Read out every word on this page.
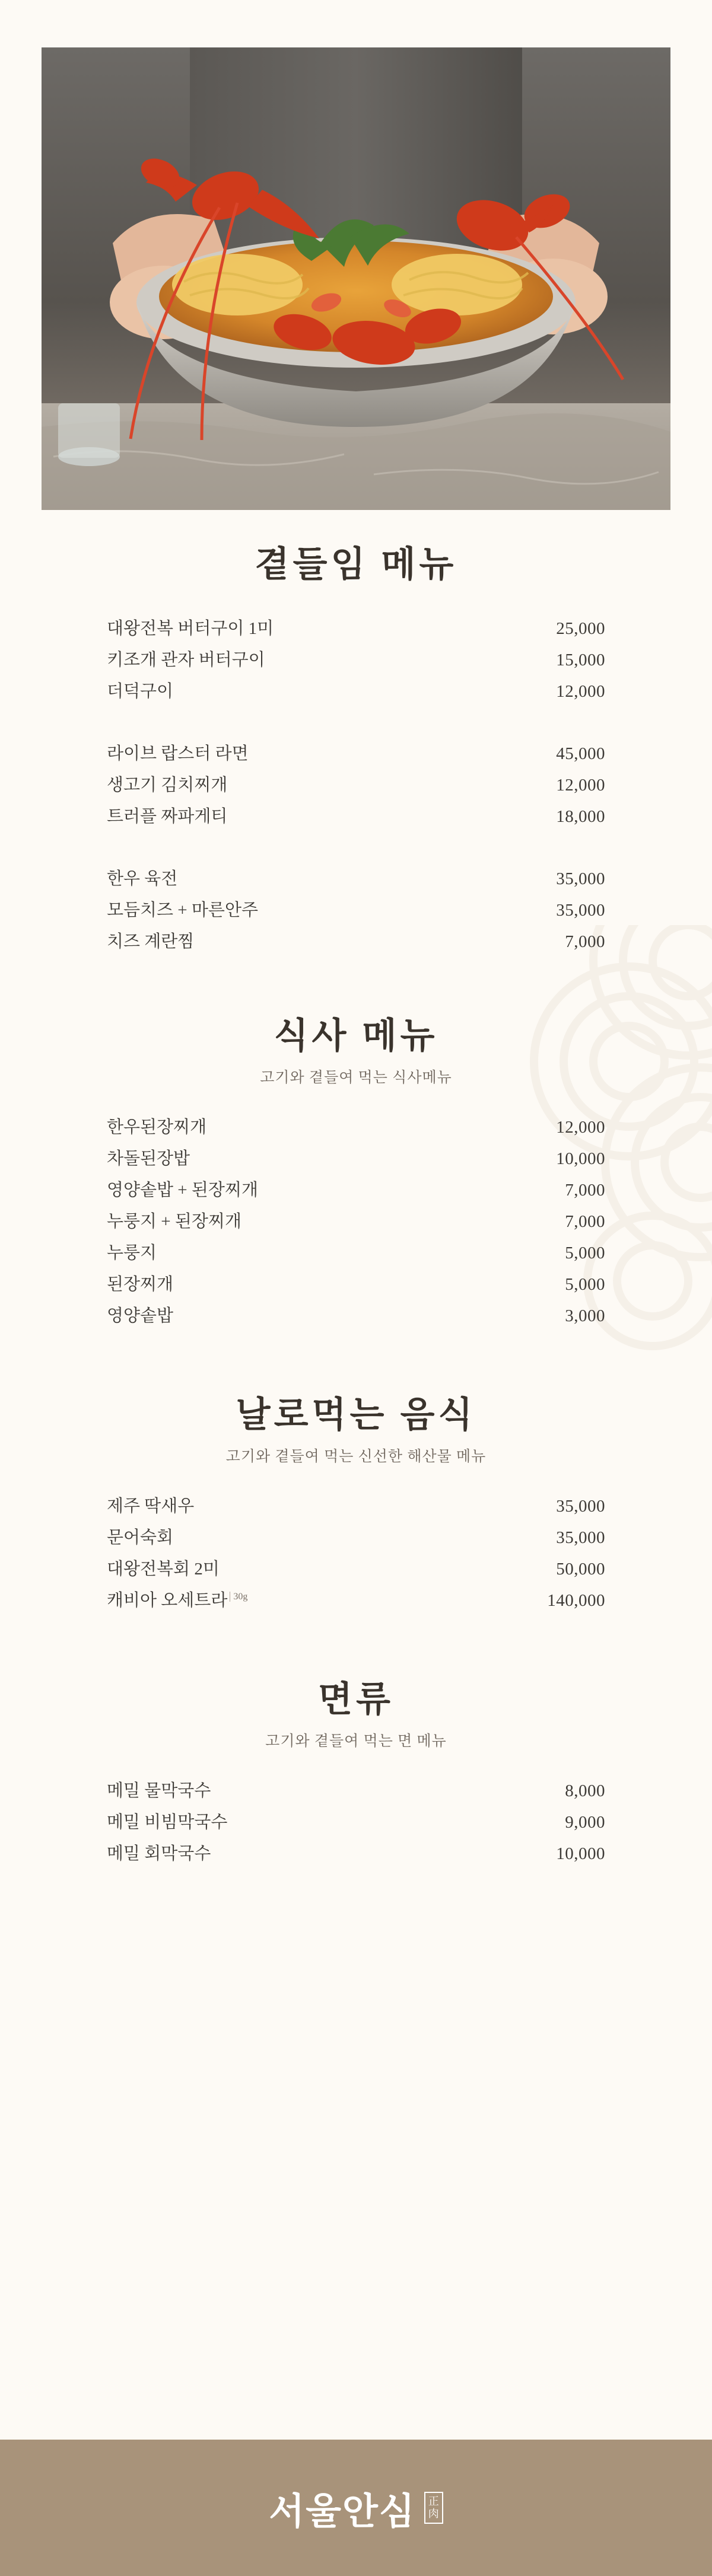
곁들임 메뉴
대왕전복 버터구이 1미	25,000
키조개 관자 버터구이	15,000
더덕구이	12,000
라이브 랍스터 라면	45,000
생고기 김치찌개	12,000
트러플 짜파게티	18,000
한우 육전	35,000
모듬치즈 + 마른안주	35,000
치즈 계란찜	7,000
식사 메뉴
고기와 곁들여 먹는 식사메뉴
한우된장찌개	12,000
차돌된장밥	10,000
영양솥밥 + 된장찌개	7,000
누룽지 + 된장찌개	7,000
누룽지	5,000
된장찌개	5,000
영양솥밥	3,000
날로먹는 음식
고기와 곁들여 먹는 신선한 해산물 메뉴
제주 딱새우	35,000
문어숙회	35,000
대왕전복회 2미	50,000
캐비아 오세트라 $^{30g}$	140,000
면류
고기와 곁들여 먹는 면 메뉴
메밀 물막국수	8,000
메밀 비빔막국수	9,000
메밀 회막국수	10,000
서울안심 正
肉
